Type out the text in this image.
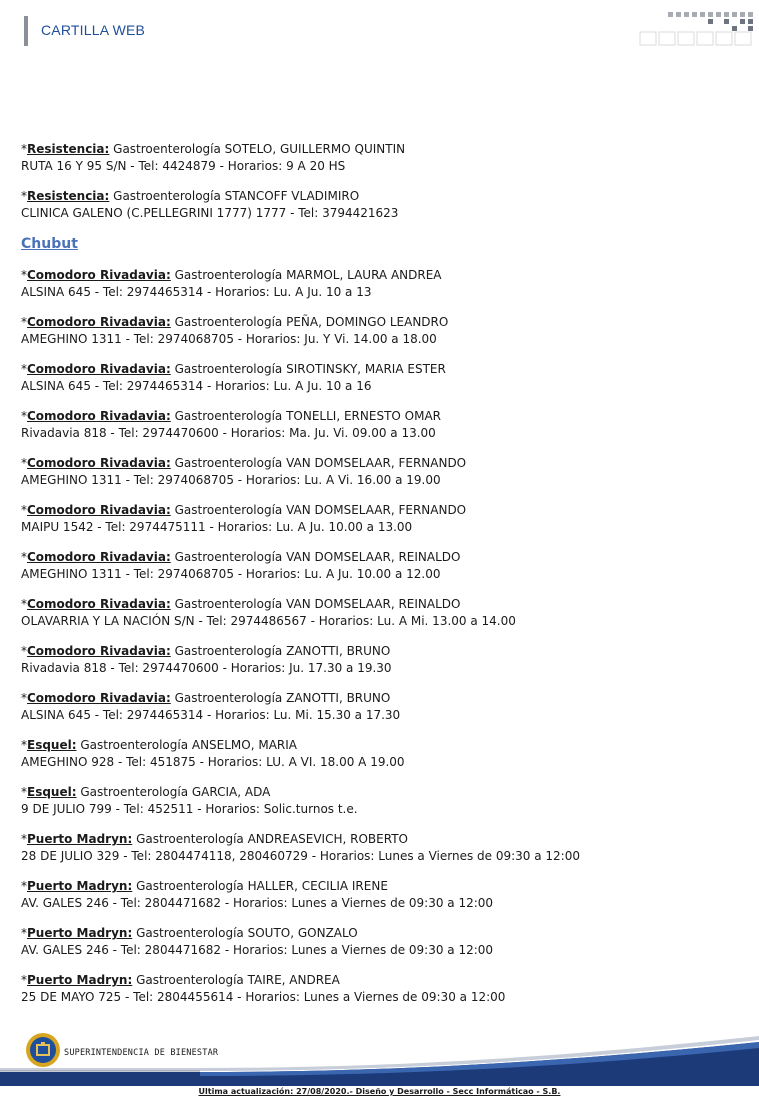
CARTILLA WEB
*Resistencia: Gastroenterología SOTELO, GUILLERMO QUINTIN
RUTA 16 Y 95 S/N - Tel: 4424879 - Horarios: 9 A 20 HS
*Resistencia: Gastroenterología STANCOFF VLADIMIRO
CLINICA GALENO (C.PELLEGRINI 1777) 1777 - Tel: 3794421623
Chubut
*Comodoro Rivadavia: Gastroenterología MARMOL, LAURA ANDREA
ALSINA 645 - Tel: 2974465314 - Horarios: Lu. A Ju. 10 a 13
*Comodoro Rivadavia: Gastroenterología PEÑA, DOMINGO LEANDRO
AMEGHINO 1311 - Tel: 2974068705 - Horarios: Ju. Y Vi. 14.00 a 18.00
*Comodoro Rivadavia: Gastroenterología SIROTINSKY, MARIA ESTER
ALSINA 645 - Tel: 2974465314 - Horarios: Lu. A Ju. 10 a 16
*Comodoro Rivadavia: Gastroenterología TONELLI, ERNESTO OMAR
Rivadavia 818 - Tel: 2974470600 - Horarios: Ma. Ju. Vi. 09.00 a 13.00
*Comodoro Rivadavia: Gastroenterología VAN DOMSELAAR, FERNANDO
AMEGHINO 1311 - Tel: 2974068705 - Horarios: Lu. A Vi. 16.00 a 19.00
*Comodoro Rivadavia: Gastroenterología VAN DOMSELAAR, FERNANDO
MAIPU 1542 - Tel: 2974475111 - Horarios: Lu. A Ju. 10.00 a 13.00
*Comodoro Rivadavia: Gastroenterología VAN DOMSELAAR, REINALDO
AMEGHINO 1311 - Tel: 2974068705 - Horarios: Lu. A Ju. 10.00 a 12.00
*Comodoro Rivadavia: Gastroenterología VAN DOMSELAAR, REINALDO
OLAVARRIA Y LA NACIÓN S/N - Tel: 2974486567 - Horarios: Lu. A Mi. 13.00 a 14.00
*Comodoro Rivadavia: Gastroenterología ZANOTTI, BRUNO
Rivadavia 818 - Tel: 2974470600 - Horarios: Ju. 17.30 a 19.30
*Comodoro Rivadavia: Gastroenterología ZANOTTI, BRUNO
ALSINA 645 - Tel: 2974465314 - Horarios: Lu. Mi. 15.30 a 17.30
*Esquel: Gastroenterología ANSELMO, MARIA
AMEGHINO 928 - Tel: 451875 - Horarios: LU. A VI. 18.00 A 19.00
*Esquel: Gastroenterología GARCIA, ADA
9 DE JULIO 799 - Tel: 452511 - Horarios: Solic.turnos t.e.
*Puerto Madryn: Gastroenterología ANDREASEVICH, ROBERTO
28 DE JULIO 329 - Tel: 2804474118, 280460729 - Horarios: Lunes a Viernes de 09:30 a 12:00
*Puerto Madryn: Gastroenterología HALLER, CECILIA IRENE
AV. GALES 246 - Tel: 2804471682 - Horarios: Lunes a Viernes de 09:30 a 12:00
*Puerto Madryn: Gastroenterología SOUTO, GONZALO
AV. GALES 246 - Tel: 2804471682 - Horarios: Lunes a Viernes de 09:30 a 12:00
*Puerto Madryn: Gastroenterología TAIRE, ANDREA
25 DE MAYO 725 - Tel: 2804455614 - Horarios: Lunes a Viernes de 09:30 a 12:00
SUPERINTENDENCIA DE BIENESTAR
Ultima actualización: 27/08/2020.- Diseño y Desarrollo - Secc Informáticao - S.B.
